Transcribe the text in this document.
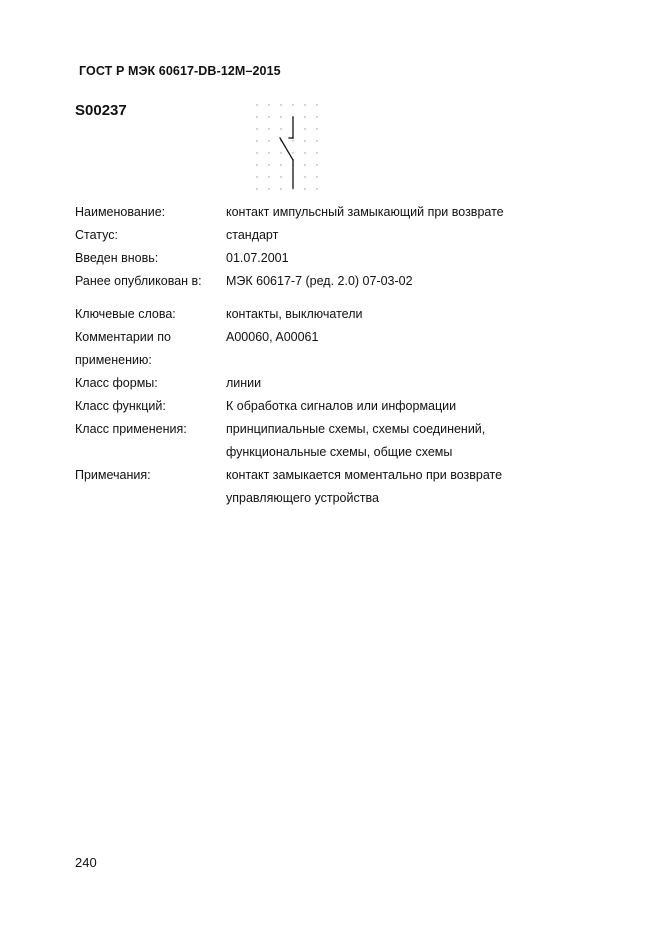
ГОСТ Р МЭК 60617-DB-12M–2015
S00237
Наименование:	контакт импульсный замыкающий при возврате
Статус:	стандарт
Введен вновь:	01.07.2001
Ранее опубликован в:	МЭК 60617-7 (ред. 2.0) 07-03-02
Ключевые слова:	контакты, выключатели
Комментарии по применению:
A00060, A00061
Класс формы:	линии
Класс функций:	К обработка сигналов или информации
Класс применения:	принципиальные схемы, схемы соединений, функциональные схемы, общие схемы
Примечания:	контакт замыкается моментально при возврате управляющего устройства
240
